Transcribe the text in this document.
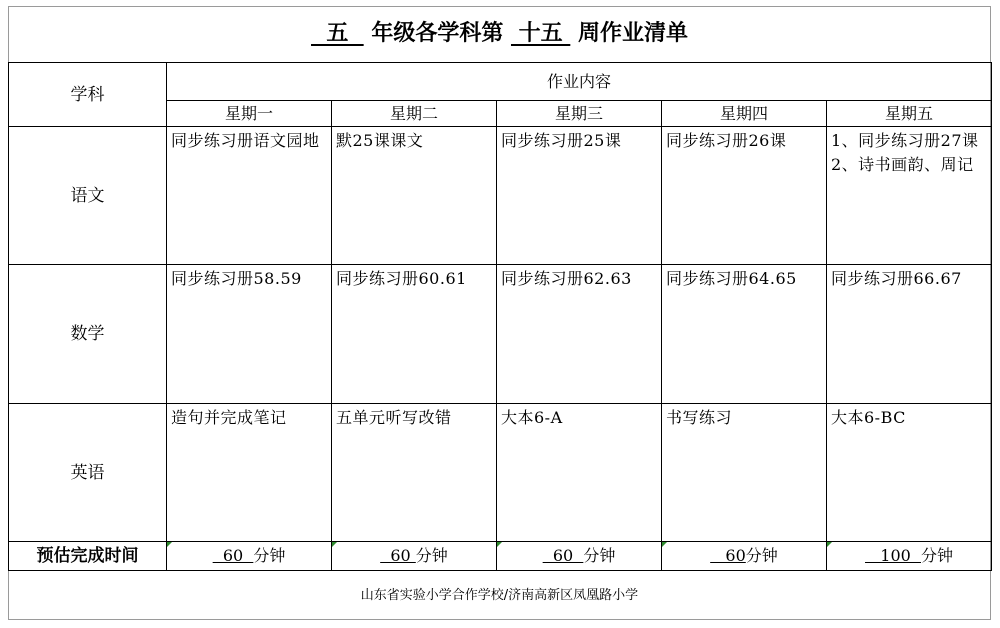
五   年级各学科第  十五  周作业清单
学科	作业内容				
	星期一	星期二	星期三	星期四	星期五
语文	同步练习册语文园地	默25课课文	同步练习册25课	同步练习册26课	1、同步练习册27课
2、诗书画韵、周记
数学	同步练习册58.59	同步练习册60.61	同步练习册62.63	同步练习册64.65	同步练习册66.67
英语	造句并完成笔记	五单元听写改错	大本6-A	书写练习	大本6-BC
预估完成时间	60  分钟	60 分钟	60  分钟	60分钟	100  分钟
山东省实验小学合作学校/济南高新区凤凰路小学
